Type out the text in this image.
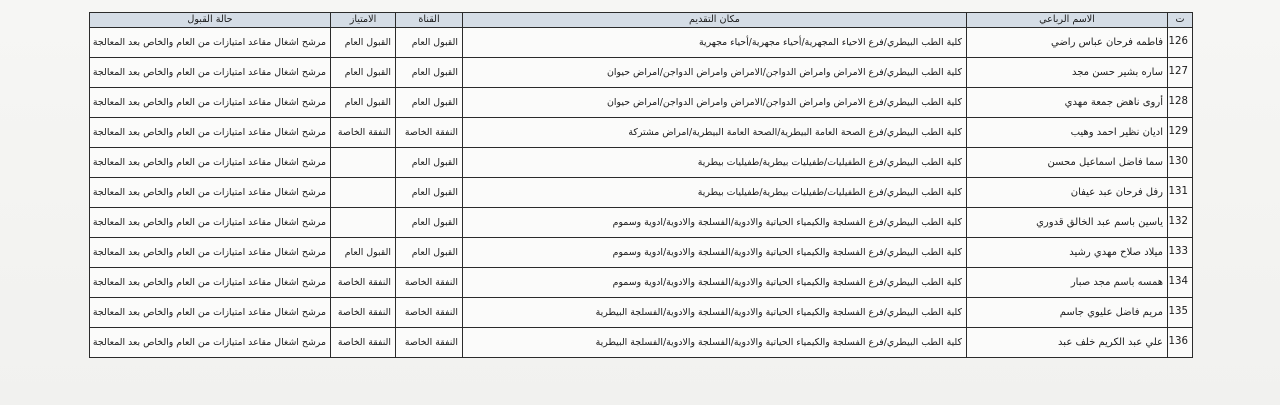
ت	الاسم الرباعي	مكان التقديم	القناة	الامتياز	حالة القبول
126	فاطمه فرحان عباس راضي	كلية الطب البيطري/فرع الاحياء المجهرية/أحياء مجهرية/أحياء مجهرية	القبول العام	القبول العام	مرشح اشغال مقاعد امتيازات من العام والخاص بعد المعالجة
127	ساره بشير حسن مجد	كلية الطب البيطري/فرع الامراض وامراض الدواجن/الامراض وامراض الدواجن/امراض حيوان	القبول العام	القبول العام	مرشح اشغال مقاعد امتيازات من العام والخاص بعد المعالجة
128	أروى ناهض جمعة مهدي	كلية الطب البيطري/فرع الامراض وامراض الدواجن/الامراض وامراض الدواجن/امراض حيوان	القبول العام	القبول العام	مرشح اشغال مقاعد امتيازات من العام والخاص بعد المعالجة
129	اديان نظير احمد وهيب	كلية الطب البيطري/فرع الصحة العامة البيطرية/الصحة العامة البيطرية/امراض مشتركة	النفقة الخاصة	النفقة الخاصة	مرشح اشغال مقاعد امتيازات من العام والخاص بعد المعالجة
130	سما فاضل اسماعيل محسن	كلية الطب البيطري/فرع الطفيليات/طفيليات بيطرية/طفيليات بيطرية	القبول العام		مرشح اشغال مقاعد امتيازات من العام والخاص بعد المعالجة
131	رفل فرحان عبد عيفان	كلية الطب البيطري/فرع الطفيليات/طفيليات بيطرية/طفيليات بيطرية	القبول العام		مرشح اشغال مقاعد امتيازات من العام والخاص بعد المعالجة
132	ياسين باسم عبد الخالق قدوري	كلية الطب البيطري/فرع الفسلجة والكيمياء الحياتية والادوية/الفسلجة والادوية/ادوية وسموم	القبول العام		مرشح اشغال مقاعد امتيازات من العام والخاص بعد المعالجة
133	ميلاد صلاح مهدي رشيد	كلية الطب البيطري/فرع الفسلجة والكيمياء الحياتية والادوية/الفسلجة والادوية/ادوية وسموم	القبول العام	القبول العام	مرشح اشغال مقاعد امتيازات من العام والخاص بعد المعالجة
134	همسه باسم مجد صبار	كلية الطب البيطري/فرع الفسلجة والكيمياء الحياتية والادوية/الفسلجة والادوية/ادوية وسموم	النفقة الخاصة	النفقة الخاصة	مرشح اشغال مقاعد امتيازات من العام والخاص بعد المعالجة
135	مريم فاضل عليوي جاسم	كلية الطب البيطري/فرع الفسلجة والكيمياء الحياتية والادوية/الفسلجة والادوية/الفسلجة البيطرية	النفقة الخاصة	النفقة الخاصة	مرشح اشغال مقاعد امتيازات من العام والخاص بعد المعالجة
136	علي عبد الكريم خلف عبد	كلية الطب البيطري/فرع الفسلجة والكيمياء الحياتية والادوية/الفسلجة والادوية/الفسلجة البيطرية	النفقة الخاصة	النفقة الخاصة	مرشح اشغال مقاعد امتيازات من العام والخاص بعد المعالجة
